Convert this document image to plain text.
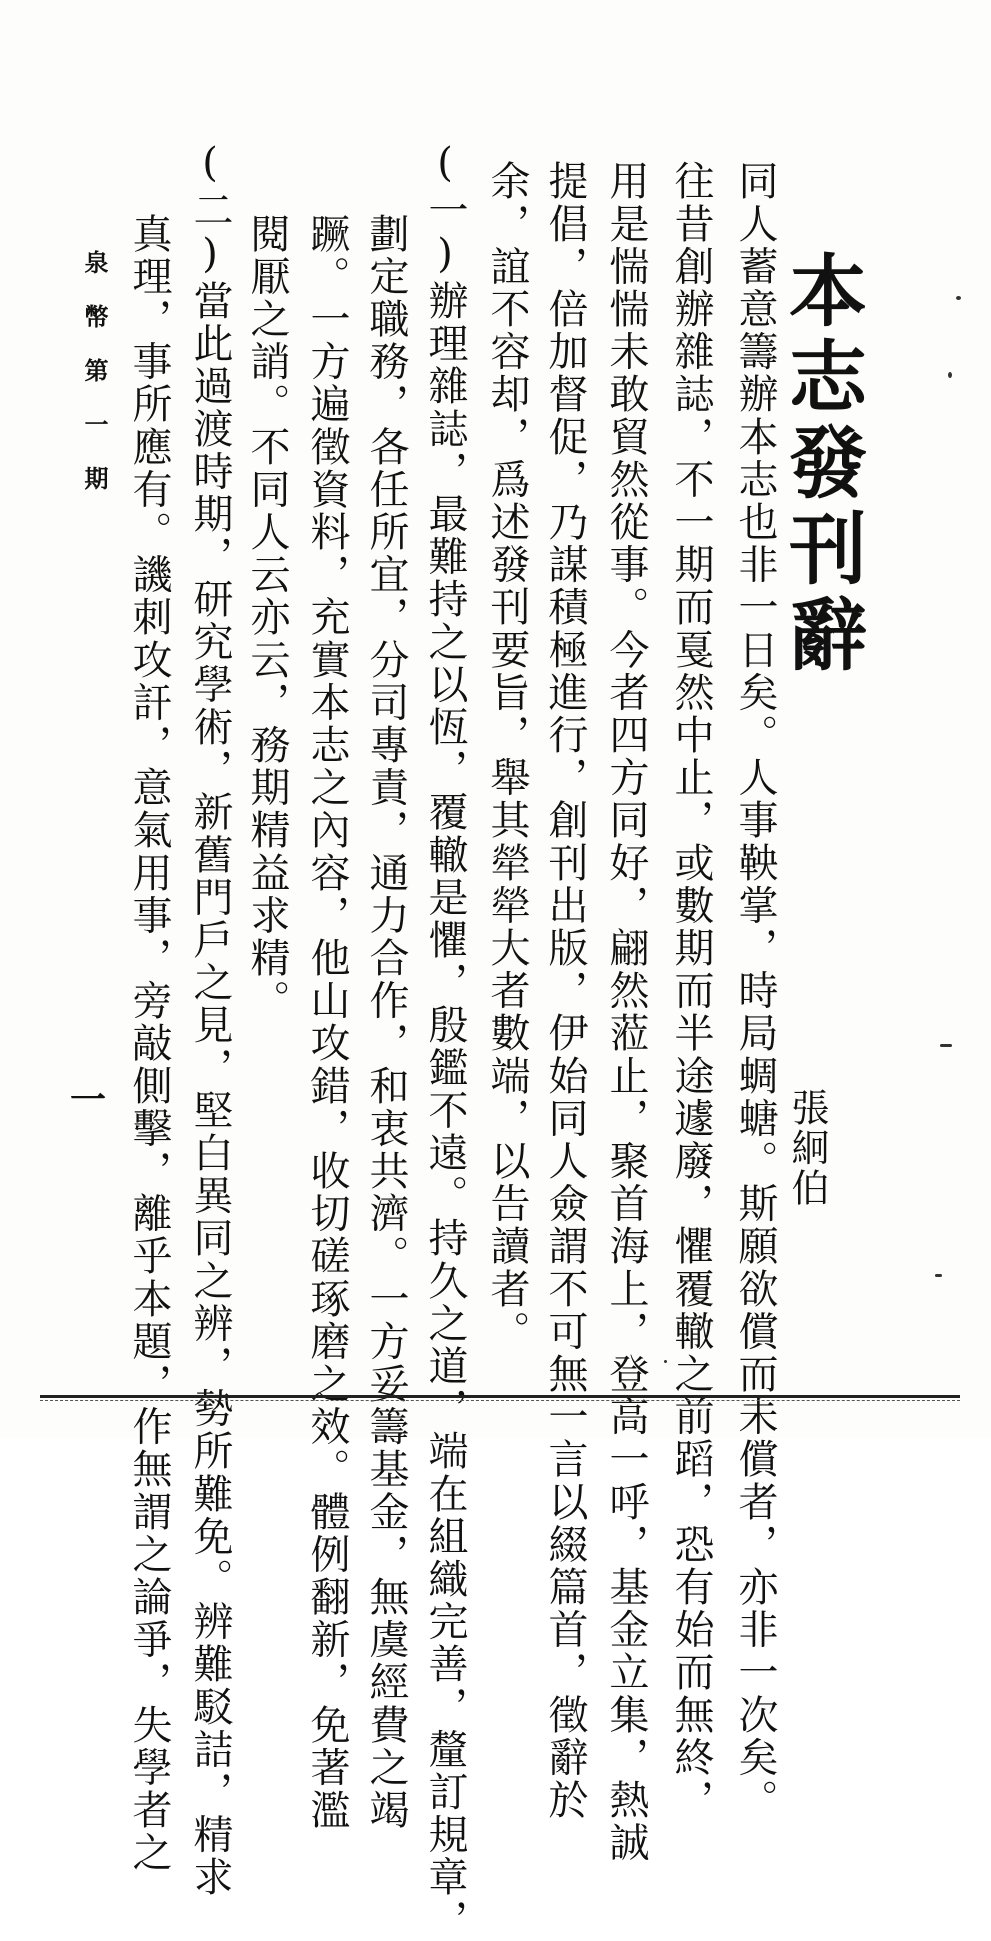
本志發刊辭
張絅伯
同人蓄意籌辦本志也非一日矣。人事鞅掌，時局蜩螗。斯願欲償而未償者，亦非一次矣。
往昔創辦雜誌，不一期而戛然中止，或數期而半途遽廢，懼覆轍之前蹈，恐有始而無終，
用是惴惴未敢貿然從事。今者四方同好，翩然蒞止，聚首海上，登高一呼，基金立集，熱誠
提倡，倍加督促，乃謀積極進行，創刊出版，伊始同人僉謂不可無一言以綴篇首，徵辭於
余，誼不容却，爲述發刊要旨，舉其犖犖大者數端，以告讀者。
(一)辦理雜誌，最難持之以恆，覆轍是懼，殷鑑不遠。持久之道，端在組織完善，釐訂規章，
　劃定職務，各任所宜，分司專責，通力合作，和衷共濟。一方妥籌基金，無虞經費之竭
　蹶。一方遍徵資料，充實本志之內容，他山攻錯，收切磋琢磨之效。體例翻新，免著濫
　閱厭之誚。不同人云亦云，務期精益求精。
(二)當此過渡時期，研究學術，新舊門戶之見，堅白異同之辨，勢所難免。辨難駁詰，精求
　真理，事所應有。譏刺攻訐，意氣用事，旁敲側擊，離乎本題，作無謂之論爭，失學者之
泉幣第一期
一
